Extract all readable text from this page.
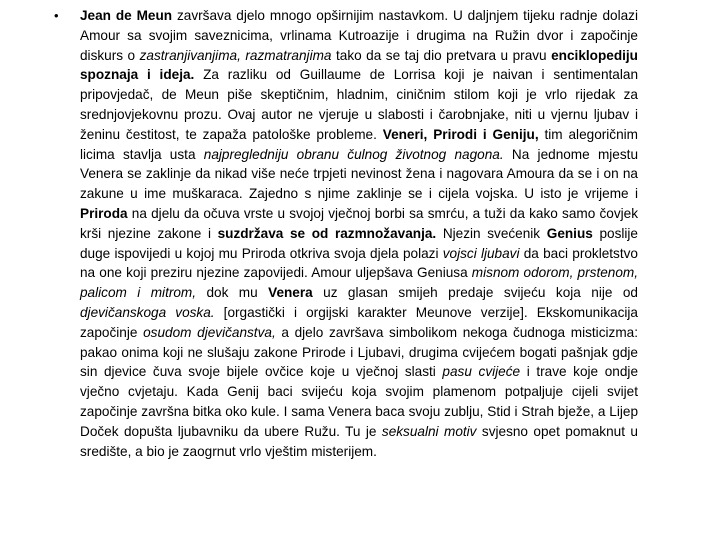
• Jean de Meun završava djelo mnogo opširnijim nastavkom. U daljnjem tijeku radnje dolazi Amour sa svojim saveznicima, vrlinama Kutroazije i drugima na Ružin dvor i započinje diskurs o zastranjivanjima, razmatranjima tako da se taj dio pretvara u pravu enciklopediju spoznaja i ideja. Za razliku od Guillaume de Lorrisa koji je naivan i sentimentalan pripovjedač, de Meun piše skeptičnim, hladnim, ciničnim stilom koji je vrlo rijedak za srednjovjekovnu prozu. Ovaj autor ne vjeruje u slabosti i čarobnjake, niti u vjernu ljubav i ženinu čestitost, te zapaža patološke probleme. Veneri, Prirodi i Geniju, tim alegoričnim licima stavlja usta najpregledniju obranu čulnog životnog nagona. Na jednome mjestu Venera se zaklinje da nikad više neće trpjeti nevinost žena i nagovara Amoura da se i on na zakune u ime muškaraca. Zajedno s njime zaklinje se i cijela vojska. U isto je vrijeme i Priroda na djelu da očuva vrste u svojoj vječnoj borbi sa smrću, a tuži da kako samo čovjek krši njezine zakone i suzdržava se od razmnožavanja. Njezin svećenik Genius poslije duge ispovijedi u kojoj mu Priroda otkriva svoja djela polazi vojsci ljubavi da baci prokletstvo na one koji preziru njezine zapovijedi. Amour uljepšava Geniusa misnom odorom, prstenom, palicom i mitrom, dok mu Venera uz glasan smijeh predaje svijeću koja nije od djevičanskoga voska. [orgastički i orgijski karakter Meunove verzije]. Ekskomunikacija započinje osudom djevičanstva, a djelo završava simbolikom nekoga čudnoga misticizma: pakao onima koji ne slušaju zakone Prirode i Ljubavi, drugima cvijećem bogati pašnjak gdje sin djevice čuva svoje bijele ovčice koje u vječnoj slasti pasu cvijeće i trave koje ondje vječno cvjetaju. Kada Genij baci svijeću koja svojim plamenom potpaljuje cijeli svijet započinje završna bitka oko kule. I sama Venera baca svoju zublju, Stid i Strah bježe, a Lijep Doček dopušta ljubavniku da ubere Ružu. Tu je seksualni motiv svjesno opet pomaknut u središte, a bio je zaogrnut vrlo vještim misterijem.
